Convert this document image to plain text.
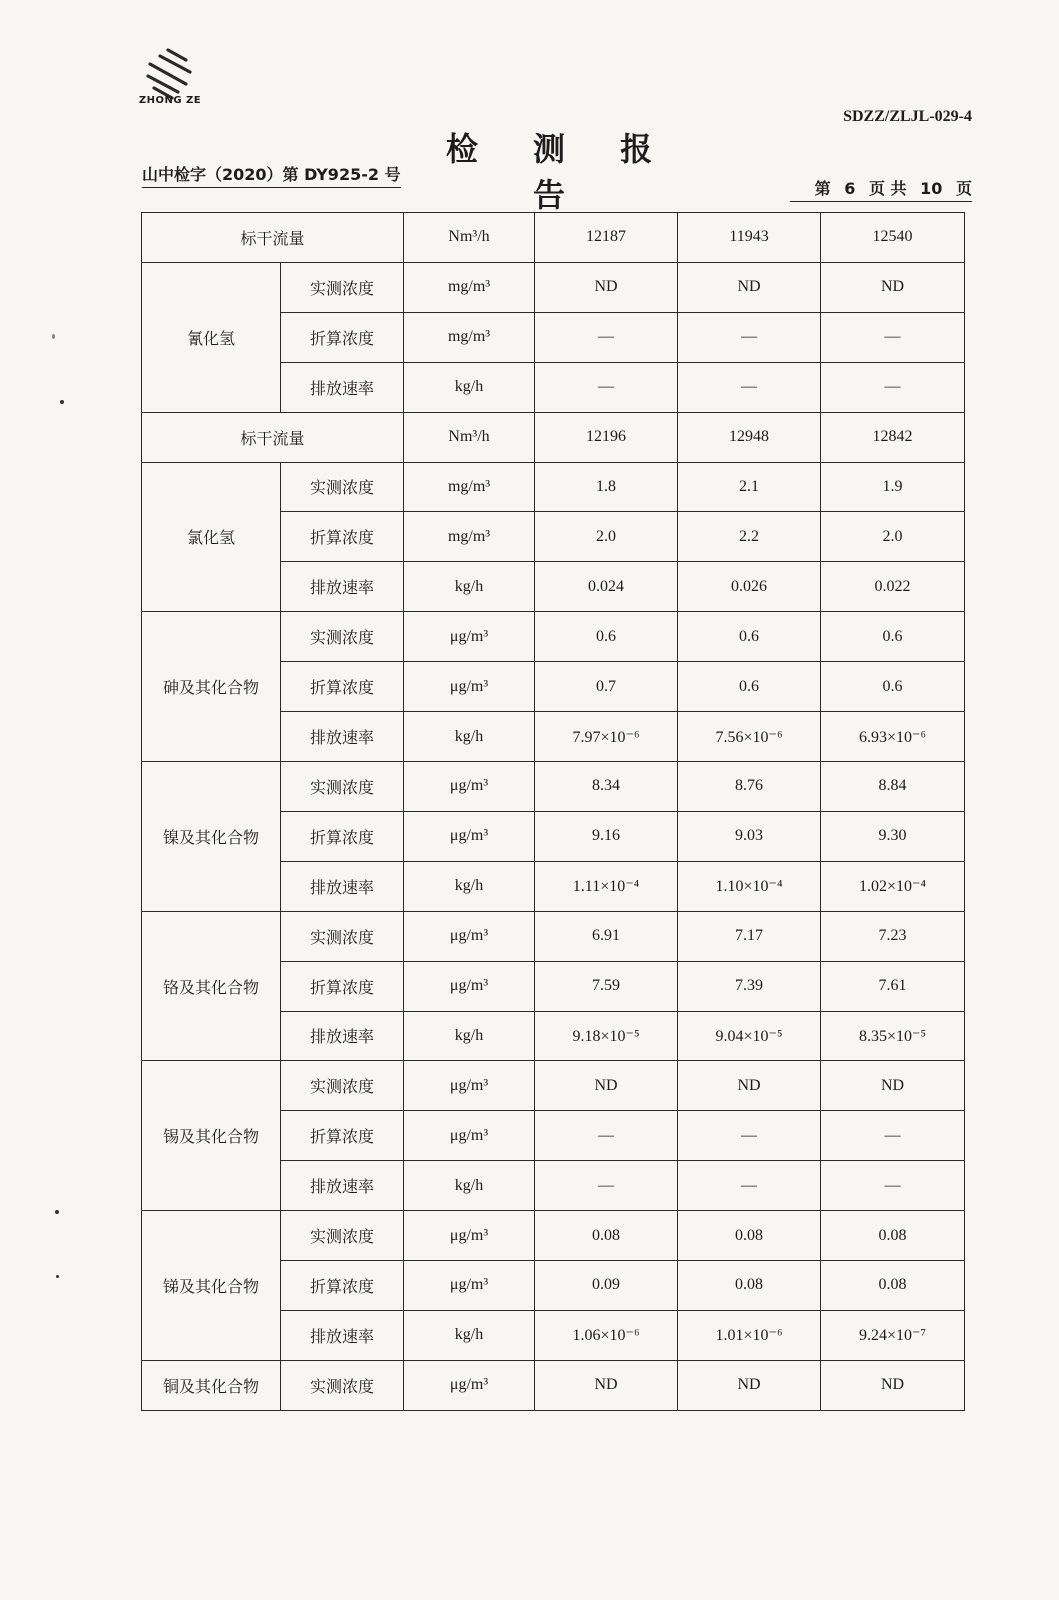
ZHONG ZE
SDZZ/ZLJL-029-4
检 测 报 告
山中检字（2020）第 DY925-2 号
第 6 页 共 10 页
标干流量		Nm³/h	12187	11943	12540
氰化氢	实测浓度	mg/m³	ND	ND	ND
	折算浓度	mg/m³	—	—	—
	排放速率	kg/h	—	—	—
标干流量		Nm³/h	12196	12948	12842
氯化氢	实测浓度	mg/m³	1.8	2.1	1.9
	折算浓度	mg/m³	2.0	2.2	2.0
	排放速率	kg/h	0.024	0.026	0.022
砷及其化合物	实测浓度	μg/m³	0.6	0.6	0.6
	折算浓度	μg/m³	0.7	0.6	0.6
	排放速率	kg/h	7.97×10⁻⁶	7.56×10⁻⁶	6.93×10⁻⁶
镍及其化合物	实测浓度	μg/m³	8.34	8.76	8.84
	折算浓度	μg/m³	9.16	9.03	9.30
	排放速率	kg/h	1.11×10⁻⁴	1.10×10⁻⁴	1.02×10⁻⁴
铬及其化合物	实测浓度	μg/m³	6.91	7.17	7.23
	折算浓度	μg/m³	7.59	7.39	7.61
	排放速率	kg/h	9.18×10⁻⁵	9.04×10⁻⁵	8.35×10⁻⁵
锡及其化合物	实测浓度	μg/m³	ND	ND	ND
	折算浓度	μg/m³	—	—	—
	排放速率	kg/h	—	—	—
锑及其化合物	实测浓度	μg/m³	0.08	0.08	0.08
	折算浓度	μg/m³	0.09	0.08	0.08
	排放速率	kg/h	1.06×10⁻⁶	1.01×10⁻⁶	9.24×10⁻⁷
铜及其化合物	实测浓度	μg/m³	ND	ND	ND
